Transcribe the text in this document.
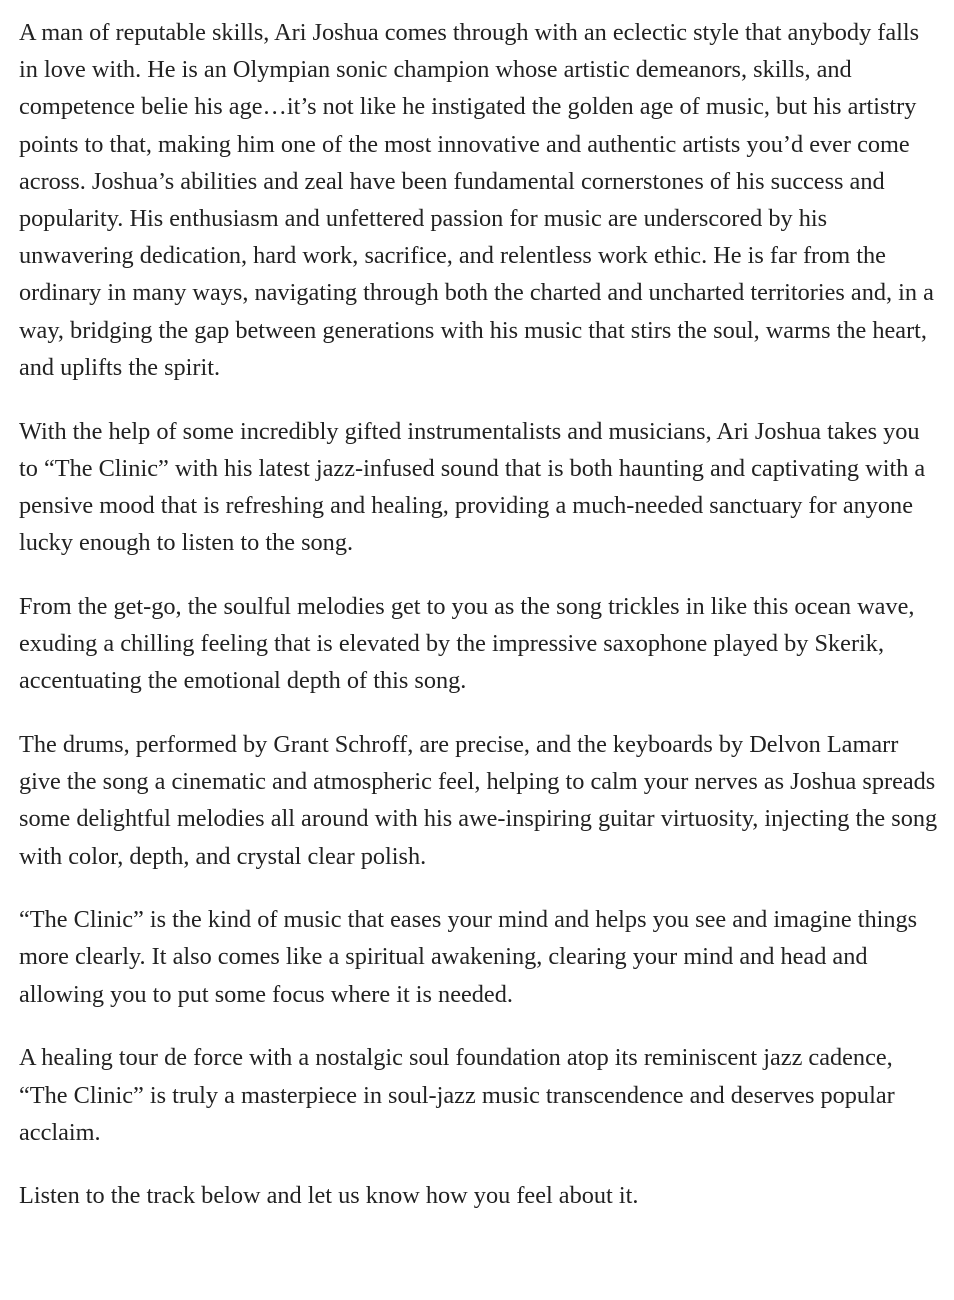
A man of reputable skills, Ari Joshua comes through with an eclectic style that anybody falls in love with. He is an Olympian sonic champion whose artistic demeanors, skills, and competence belie his age…it’s not like he instigated the golden age of music, but his artistry points to that, making him one of the most innovative and authentic artists you’d ever come across. Joshua’s abilities and zeal have been fundamental cornerstones of his success and popularity. His enthusiasm and unfettered passion for music are underscored by his unwavering dedication, hard work, sacrifice, and relentless work ethic. He is far from the ordinary in many ways, navigating through both the charted and uncharted territories and, in a way, bridging the gap between generations with his music that stirs the soul, warms the heart, and uplifts the spirit.

With the help of some incredibly gifted instrumentalists and musicians, Ari Joshua takes you to “The Clinic” with his latest jazz-infused sound that is both haunting and captivating with a pensive mood that is refreshing and healing, providing a much-needed sanctuary for anyone lucky enough to listen to the song.

From the get-go, the soulful melodies get to you as the song trickles in like this ocean wave, exuding a chilling feeling that is elevated by the impressive saxophone played by Skerik, accentuating the emotional depth of this song.

The drums, performed by Grant Schroff, are precise, and the keyboards by Delvon Lamarr give the song a cinematic and atmospheric feel, helping to calm your nerves as Joshua spreads some delightful melodies all around with his awe-inspiring guitar virtuosity, injecting the song with color, depth, and crystal clear polish.

“The Clinic” is the kind of music that eases your mind and helps you see and imagine things more clearly. It also comes like a spiritual awakening, clearing your mind and head and allowing you to put some focus where it is needed.

A healing tour de force with a nostalgic soul foundation atop its reminiscent jazz cadence, “The Clinic” is truly a masterpiece in soul-jazz music transcendence and deserves popular acclaim.

Listen to the track below and let us know how you feel about it.
